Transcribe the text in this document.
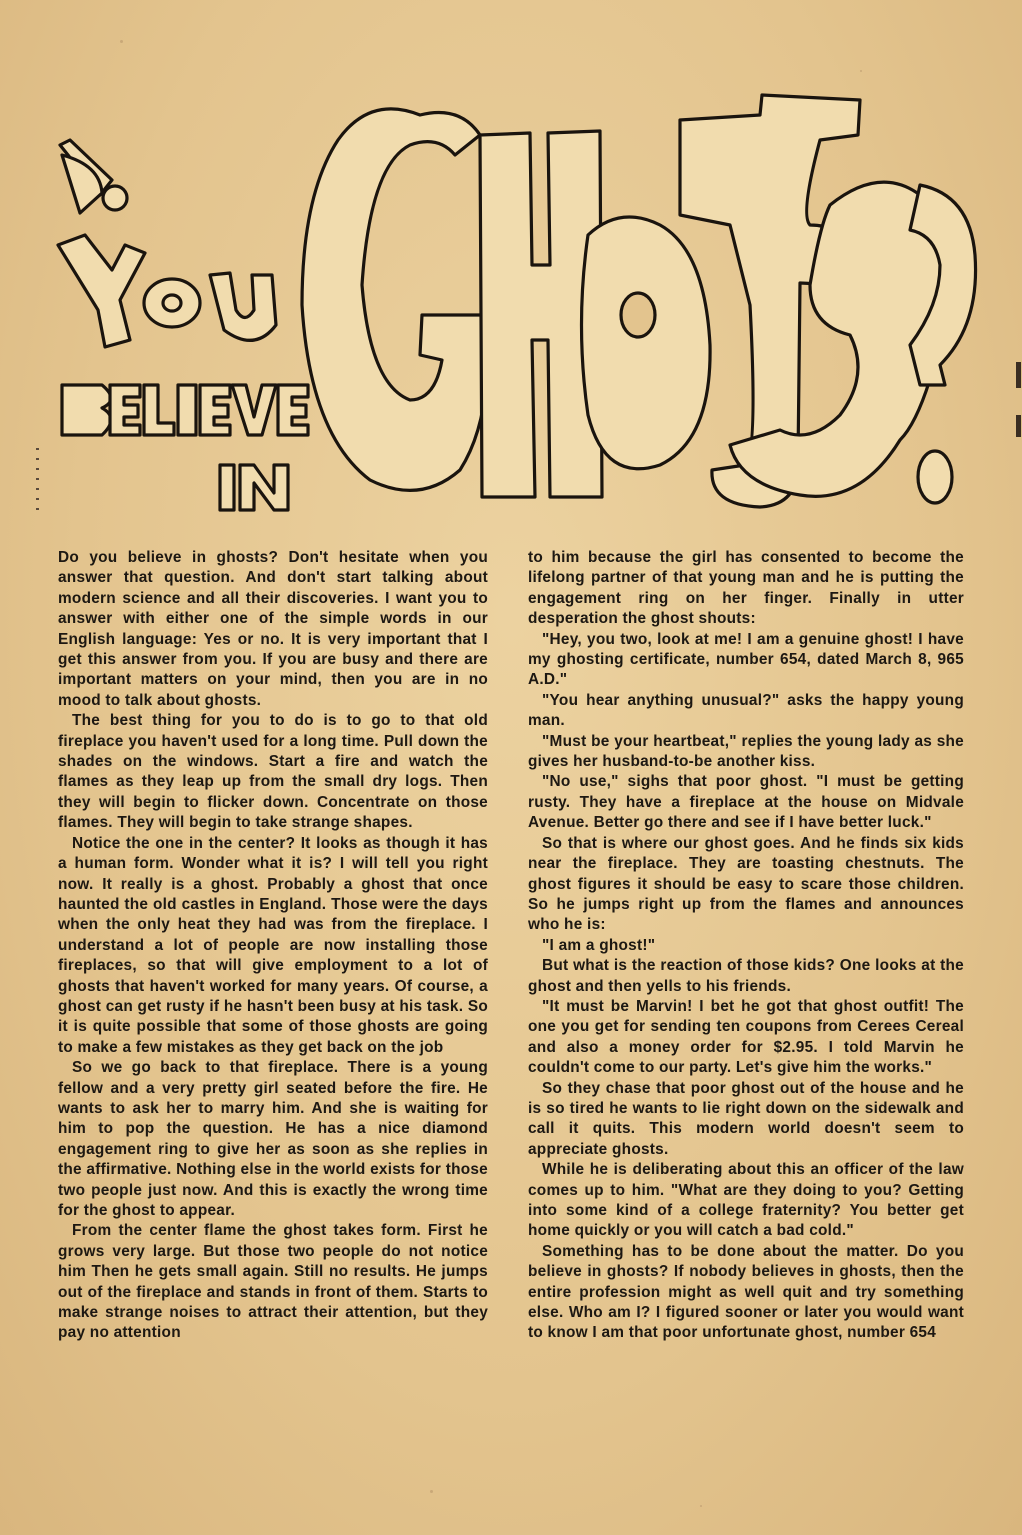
Do you believe in ghosts? Don't hesitate when you answer that question. And don't start talking about modern science and all their discoveries. I want you to answer with either one of the simple words in our English language: Yes or no. It is very important that I get this answer from you. If you are busy and there are important matters on your mind, then you are in no mood to talk about ghosts.

The best thing for you to do is to go to that old fireplace you haven't used for a long time. Pull down the shades on the windows. Start a fire and watch the flames as they leap up from the small dry logs. Then they will begin to flicker down. Concentrate on those flames. They will begin to take strange shapes.

Notice the one in the center? It looks as though it has a human form. Wonder what it is? I will tell you right now. It really is a ghost. Probably a ghost that once haunted the old castles in England. Those were the days when the only heat they had was from the fireplace. I understand a lot of people are now installing those fireplaces, so that will give employment to a lot of ghosts that haven't worked for many years. Of course, a ghost can get rusty if he hasn't been busy at his task. So it is quite possible that some of those ghosts are going to make a few mistakes as they get back on the job

So we go back to that fireplace. There is a young fellow and a very pretty girl seated before the fire. He wants to ask her to marry him. And she is waiting for him to pop the question. He has a nice diamond engagement ring to give her as soon as she replies in the affirmative. Nothing else in the world exists for those two people just now. And this is exactly the wrong time for the ghost to appear.

From the center flame the ghost takes form. First he grows very large. But those two people do not notice him Then he gets small again. Still no results. He jumps out of the fireplace and stands in front of them. Starts to make strange noises to attract their attention, but they pay no attention

to him because the girl has consented to become the lifelong partner of that young man and he is putting the engagement ring on her finger. Finally in utter desperation the ghost shouts:

"Hey, you two, look at me! I am a genuine ghost! I have my ghosting certificate, number 654, dated March 8, 965 A.D."

"You hear anything unusual?" asks the happy young man.

"Must be your heartbeat," replies the young lady as she gives her husband-to-be another kiss.

"No use," sighs that poor ghost. "I must be getting rusty. They have a fireplace at the house on Midvale Avenue. Better go there and see if I have better luck."

So that is where our ghost goes. And he finds six kids near the fireplace. They are toasting chestnuts. The ghost figures it should be easy to scare those children. So he jumps right up from the flames and announces who he is:

"I am a ghost!"

But what is the reaction of those kids? One looks at the ghost and then yells to his friends.

"It must be Marvin! I bet he got that ghost outfit! The one you get for sending ten coupons from Cerees Cereal and also a money order for $2.95. I told Marvin he couldn't come to our party. Let's give him the works."

So they chase that poor ghost out of the house and he is so tired he wants to lie right down on the sidewalk and call it quits. This modern world doesn't seem to appreciate ghosts.

While he is deliberating about this an officer of the law comes up to him. "What are they doing to you? Getting into some kind of a college fraternity? You better get home quickly or you will catch a bad cold."

Something has to be done about the matter. Do you believe in ghosts? If nobody believes in ghosts, then the entire profession might as well quit and try something else. Who am I? I figured sooner or later you would want to know I am that poor unfortunate ghost, number 654
